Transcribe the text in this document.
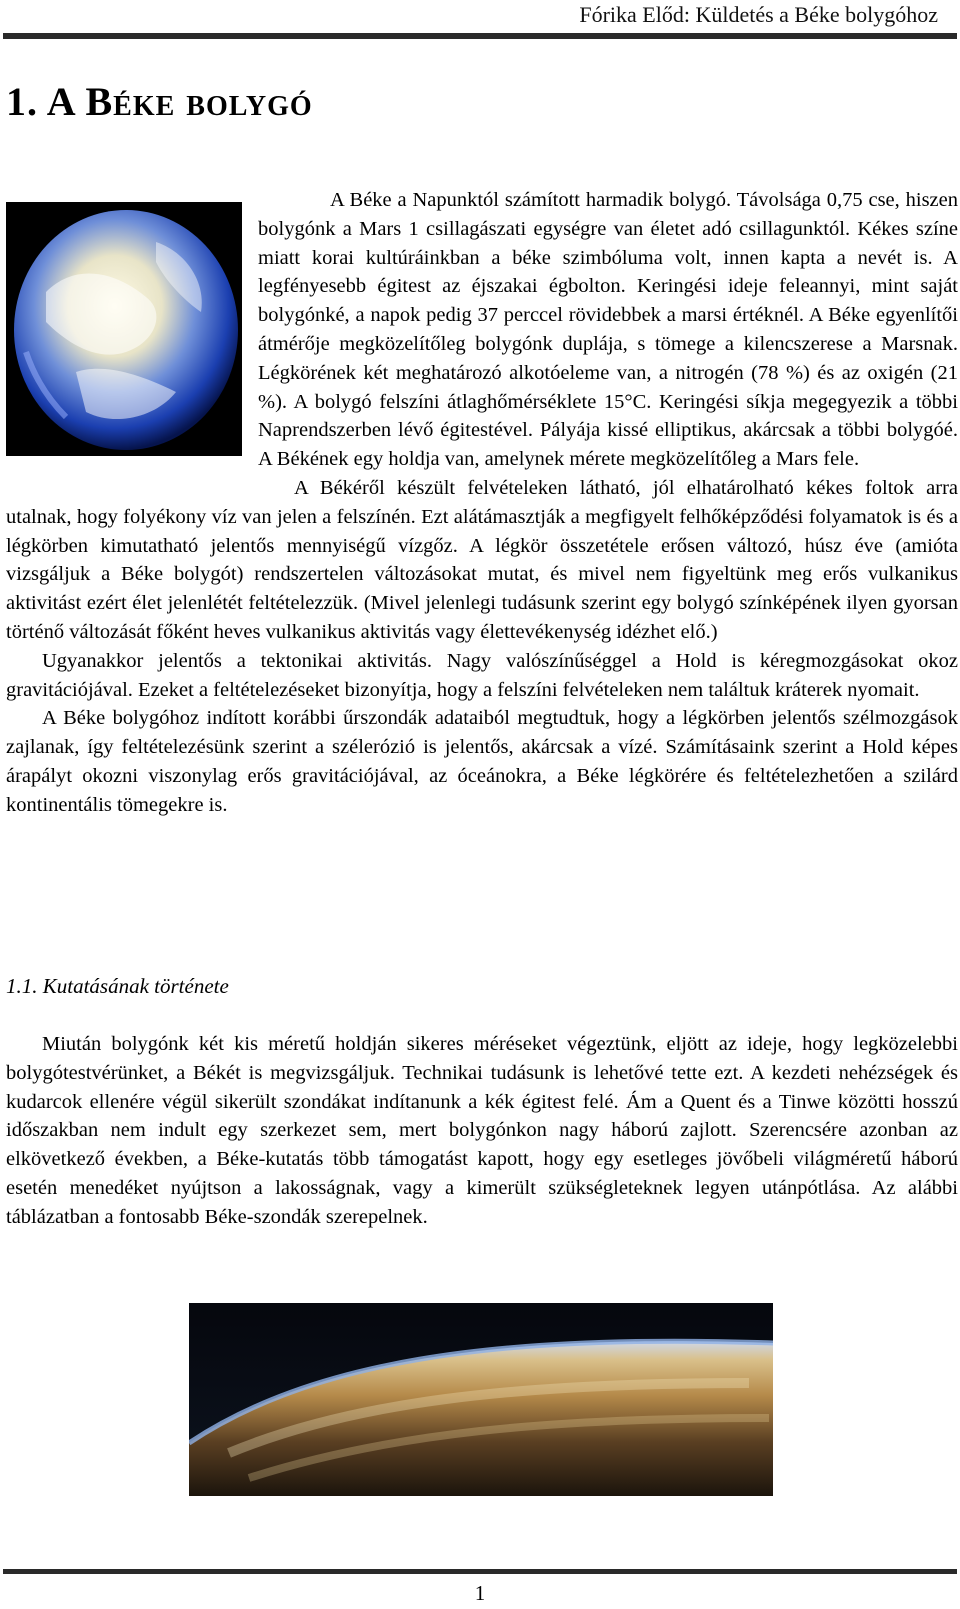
Fórika Előd: Küldetés a Béke bolygóhoz
1. A Béke bolygó

A Béke a Napunktól számított harmadik bolygó. Távolsága 0,75 cse, hiszen bolygónk a Mars 1 csillagászati egységre van életet adó csillagunktól. Kékes színe miatt korai kultúráinkban a béke szimbóluma volt, innen kapta a nevét is. A legfényesebb égitest az éjszakai égbolton. Keringési ideje feleannyi, mint saját bolygónké, a napok pedig 37 perccel rövidebbek a marsi értéknél. A Béke egyenlítői átmérője megközelítőleg bolygónk duplája, s tömege a kilencszerese a Marsnak. Légkörének két meghatározó alkotóeleme van, a nitrogén (78 %) és az oxigén (21 %). A bolygó felszíni átlaghőmérséklete 15°C. Keringési síkja megegyezik a többi Naprendszerben lévő égitestével. Pályája kissé elliptikus, akárcsak a többi bolygóé. A Békének egy holdja van, amelynek mérete megközelítőleg a Mars fele.

A Békéről készült felvételeken látható, jól elhatárolható kékes foltok arra utalnak, hogy folyékony víz van jelen a felszínén. Ezt alátámasztják a megfigyelt felhőképződési folyamatok is és a légkörben kimutatható jelentős mennyiségű vízgőz. A légkör összetétele erősen változó, húsz éve (amióta vizsgáljuk a Béke bolygót) rendszertelen változásokat mutat, és mivel nem figyeltünk meg erős vulkanikus aktivitást ezért élet jelenlétét feltételezzük. (Mivel jelenlegi tudásunk szerint egy bolygó színképének ilyen gyorsan történő változását főként heves vulkanikus aktivitás vagy élettevékenység idézhet elő.)

Ugyanakkor jelentős a tektonikai aktivitás. Nagy valószínűséggel a Hold is kéregmozgásokat okoz gravitációjával. Ezeket a feltételezéseket bizonyítja, hogy a felszíni felvételeken nem találtuk kráterek nyomait.

A Béke bolygóhoz indított korábbi űrszondák adataiból megtudtuk, hogy a légkörben jelentős szélmozgások zajlanak, így feltételezésünk szerint a szélerózió is jelentős, akárcsak a vízé. Számításaink szerint a Hold képes árapályt okozni viszonylag erős gravitációjával, az óceánokra, a Béke légkörére és feltételezhetően a szilárd kontinentális tömegekre is.

1.1. Kutatásának története

Miután bolygónk két kis méretű holdján sikeres méréseket végeztünk, eljött az ideje, hogy legközelebbi bolygótestvérünket, a Békét is megvizsgáljuk. Technikai tudásunk is lehetővé tette ezt. A kezdeti nehézségek és kudarcok ellenére végül sikerült szondákat indítanunk a kék égitest felé. Ám a Quent és a Tinwe közötti hosszú időszakban nem indult egy szerkezet sem, mert bolygónkon nagy háború zajlott. Szerencsére azonban az elkövetkező években, a Béke-kutatás több támogatást kapott, hogy egy esetleges jövőbeli világméretű háború esetén menedéket nyújtson a lakosságnak, vagy a kimerült szükségleteknek legyen utánpótlása. Az alábbi táblázatban a fontosabb Béke-szondák szerepelnek.

1
